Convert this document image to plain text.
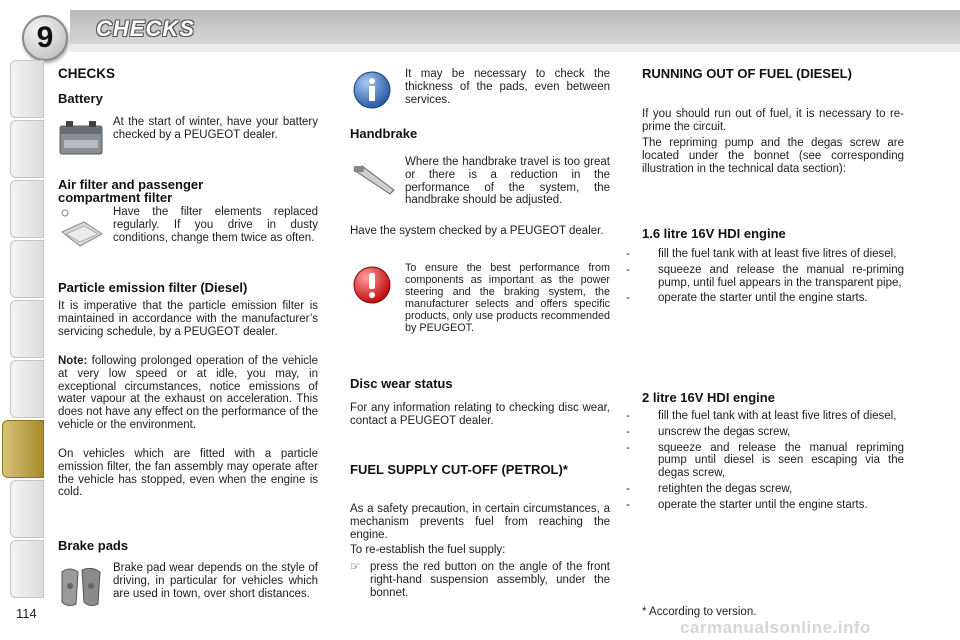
9	CHECKS
CHECKS
Battery
At the start of winter, have your battery checked by a PEUGEOT dealer.
Air filter and passenger compartment filter
Have the filter elements replaced regularly. If you drive in dusty conditions, change them twice as often.
Particle emission filter (Diesel)
It is imperative that the particle emission filter is maintained in accordance with the manufacturer’s servicing schedule, by a PEUGEOT dealer.
Note: following prolonged operation of the vehicle at very low speed or at idle, you may, in exceptional circumstances, notice emissions of water vapour at the exhaust on acceleration. This does not have any effect on the performance of the vehicle or the environment.
On vehicles which are fitted with a particle emission filter, the fan assembly may operate after the vehicle has stopped, even when the engine is cold.
Brake pads
Brake pad wear depends on the style of driving, in particular for vehicles which are used in town, over short distances.
It may be necessary to check the thickness of the pads, even between services.
Handbrake
Where the handbrake travel is too great or there is a reduction in the performance of the system, the handbrake should be adjusted.
Have the system checked by a PEUGEOT dealer.
To ensure the best performance from components as important as the power steering and the braking system, the manufacturer selects and offers specific products, only use products recommended by PEUGEOT.
Disc wear status
For any information relating to checking disc wear, contact a PEUGEOT dealer.
FUEL SUPPLY CUT-OFF (PETROL)*
As a safety precaution, in certain circumstances, a mechanism prevents fuel from reaching the engine.
To re-establish the fuel supply:
☞ press the red button on the angle of the front right-hand suspension assembly, under the bonnet.
RUNNING OUT OF FUEL (DIESEL)
If you should run out of fuel, it is necessary to re-prime the circuit.
The repriming pump and the degas screw are located under the bonnet (see corresponding illustration in the technical data section):
1.6 litre 16V HDI engine
- fill the fuel tank with at least five litres of diesel,
- squeeze and release the manual re-priming pump, until fuel appears in the transparent pipe,
- operate the starter until the engine starts.
2 litre 16V HDI engine
- fill the fuel tank with at least five litres of diesel,
- unscrew the degas screw,
- squeeze and release the manual repriming pump until diesel is seen escaping via the degas screw,
- retighten the degas screw,
- operate the starter until the engine starts.
* According to version.
114
carmanualsonline.info
